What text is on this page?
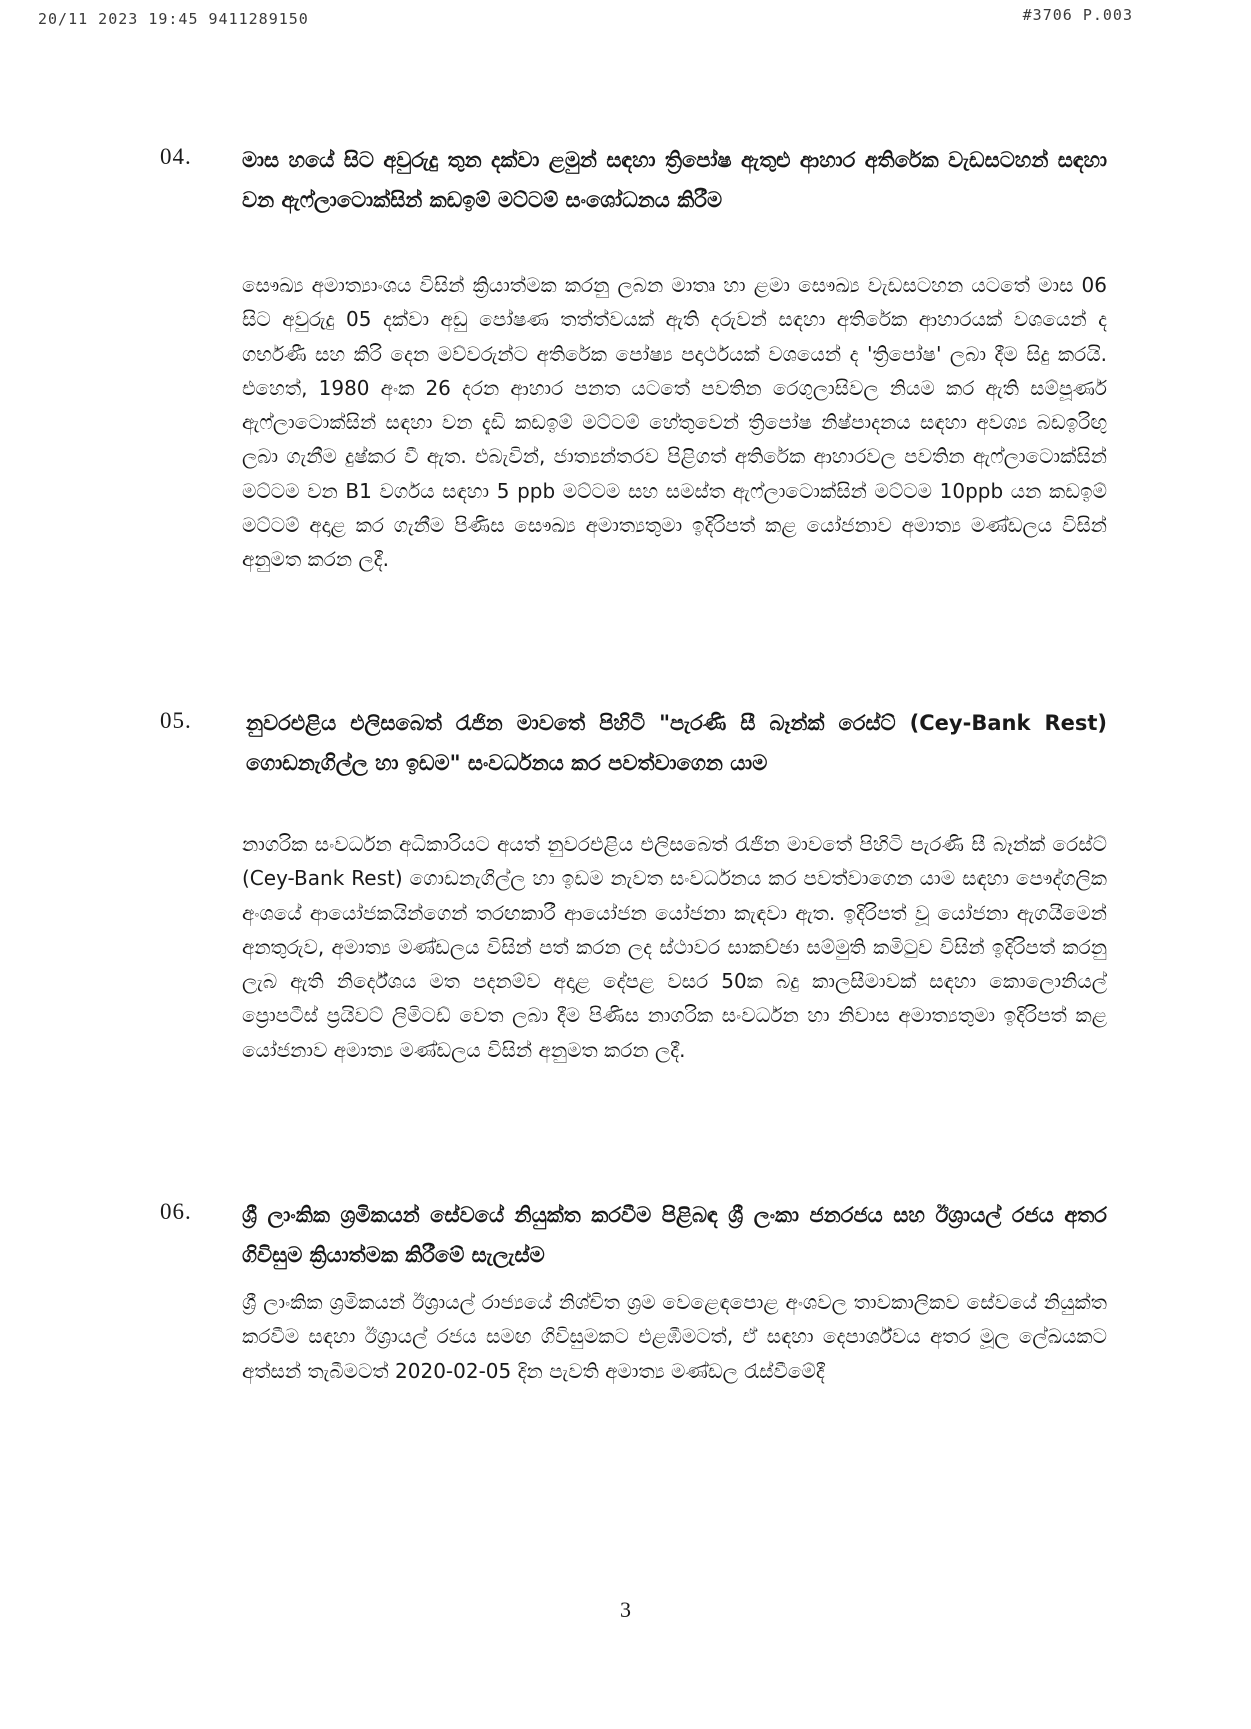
20/11 2023 19:45 9411289150	#3706 P.003
04. මාස හයේ සිට අවුරුදු තුන දක්වා ළමුන් සඳහා ත්‍රිපෝෂ ඇතුළු ආහාර අතිරේක වැඩසටහන් සඳහා වන ඇෆ්ලාටොක්සින් කඩඉම් මට්ටම් සංශෝධනය කිරීම
සෞඛ්‍ය අමාත්‍යාංශය විසින් ක්‍රියාත්මක කරනු ලබන මාතෘ හා ළමා සෞඛ්‍ය වැඩසටහන යටතේ මාස 06 සිට අවුරුදු 05 දක්වා අඩු පෝෂණ තත්ත්වයක් ඇති දරුවන් සඳහා අතිරේක ආහාරයක් වශයෙන් ද ගර්භණී සහ කිරි දෙන මව්වරුන්ට අතිරේක පෝෂ්‍ය පදාර්ථයක් වශයෙන් ද 'ත්‍රිපෝෂ' ලබා දීම සිදු කරයි. එහෙත්, 1980 අංක 26 දරන ආහාර පනත යටතේ පවතින රෙගුලාසිවල නියම කර ඇති සම්පූර්ණ ඇෆ්ලාටොක්සින් සඳහා වන දැඩි කඩඉම් මට්ටම් හේතුවෙන් ත්‍රිපෝෂ නිෂ්පාදනය සඳහා අවශ්‍ය බඩඉරිඟු ලබා ගැනීම දුෂ්කර වී ඇත. එබැවින්, ජාත්‍යන්තරව පිළිගත් අතිරේක ආහාරවල පවතින ඇෆ්ලාටොක්සින් මට්ටම වන B1 වර්ගය සඳහා 5 ppb මට්ටම සහ සමස්ත ඇෆ්ලාටොක්සින් මට්ටම 10ppb යන කඩඉම් මට්ටම් අදාළ කර ගැනීම පිණිස සෞඛ්‍ය අමාත්‍යතුමා ඉදිරිපත් කළ යෝජනාව අමාත්‍ය මණ්ඩලය විසින් අනුමත කරන ලදී.
05.	නුවරඑළිය එලිසබෙත් රැජින මාවතේ පිහිටි "පැරණි සී බෑන්ක් රෙස්ට් (Cey-Bank Rest) ගොඩනැගිල්ල හා ඉඩම" සංවර්ධනය කර පවත්වාගෙන යාම
නාගරික සංවර්ධන අධිකාරියට අයත් නුවරඑළිය එලිසබෙත් රැජින මාවතේ පිහිටි පැරණි සී බෑන්ක් රෙස්ට් (Cey-Bank Rest) ගොඩනැගිල්ල හා ඉඩම නැවත සංවර්ධනය කර පවත්වාගෙන යාම සඳහා පෞද්ගලික අංශයේ ආයෝජකයින්ගෙන් තරඟකාරී ආයෝජන යෝජනා කැඳවා ඇත. ඉදිරිපත් වූ යෝජනා ඇගයීමෙන් අනතුරුව, අමාත්‍ය මණ්ඩලය විසින් පත් කරන ලද ස්ථාවර සාකච්ඡා සම්මුති කමිටුව විසින් ඉදිරිපත් කරනු ලැබ ඇති නිර්දේශය මත පදනම්ව අදාළ දේපළ වසර 50ක බදු කාලසීමාවක් සඳහා කොලොනියල් ප්‍රොපටීස් ප්‍රයිවට් ලිමිටඩ් වෙත ලබා දීම පිණිස නාගරික සංවර්ධන හා නිවාස අමාත්‍යතුමා ඉදිරිපත් කළ යෝජනාව අමාත්‍ය මණ්ඩලය විසින් අනුමත කරන ලදී.
06. ශ්‍රී ලාංකික ශ්‍රමිකයන් සේවයේ නියුක්ත කරවීම පිළිබඳ ශ්‍රී ලංකා ජනරජය සහ ඊශ්‍රායල් රජය අතර ගිවිසුම ක්‍රියාත්මක කිරීමේ සැලැස්ම
ශ්‍රී ලාංකික ශ්‍රමිකයන් ඊශ්‍රායල් රාජ්‍යයේ නිශ්චිත ශ්‍රම වෙළෙඳපොළ අංශවල තාවකාලිකව සේවයේ නියුක්ත කරවීම සඳහා ඊශ්‍රායල් රජය සමඟ ගිවිසුමකට එළඹීමටත්, ඒ සඳහා දෙපාර්ශ්වය අතර මූල ලේඛයකට අත්සන් තැබීමටත් 2020-02-05 දින පැවති අමාත්‍ය මණ්ඩල රැස්වීමේදී
3
